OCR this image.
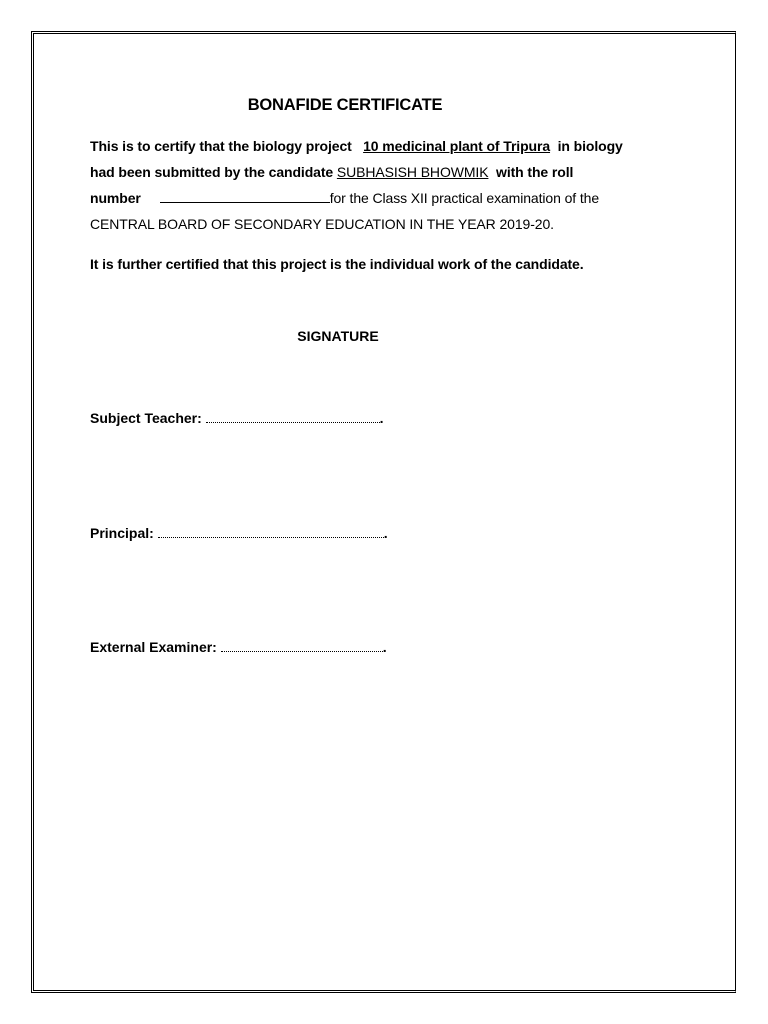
BONAFIDE CERTIFICATE
This is to certify that the biology project 10 medicinal plant of Tripura in biology
had been submitted by the candidate SUBHASISH BHOWMIK with the roll
number	for the Class XII practical examination of the
CENTRAL BOARD OF SECONDARY EDUCATION IN THE YEAR 2019-20.
It is further certified that this project is the individual work of the candidate.
SIGNATURE
Subject Teacher:	.
Principal:	.
External Examiner:	.
